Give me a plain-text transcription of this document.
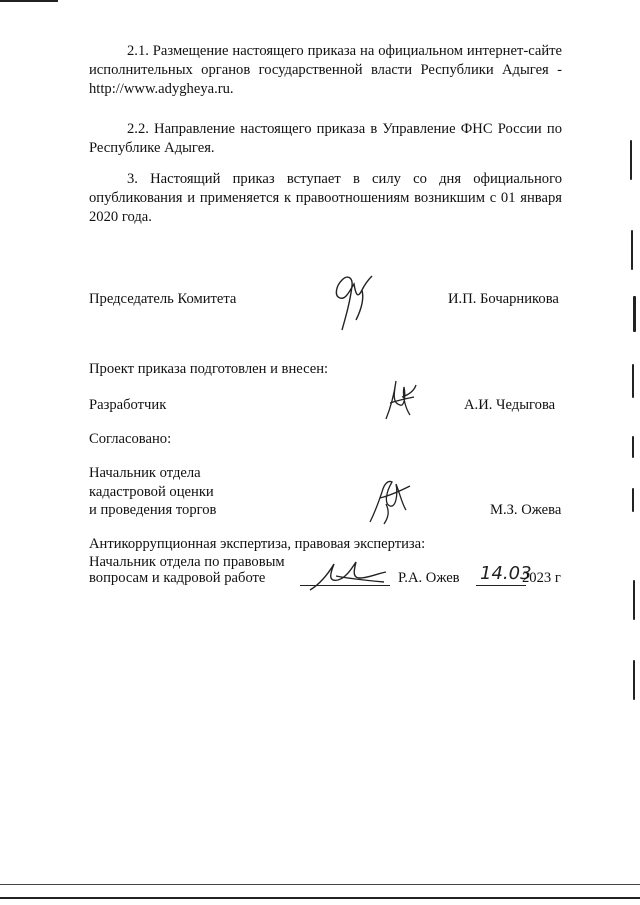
2.1. Размещение настоящего приказа на официальном интернет-сайте исполнительных органов государственной власти Республики Адыгея - http://www.adygheya.ru.
2.2. Направление настоящего приказа в Управление ФНС России по Республике Адыгея.
3. Настоящий приказ вступает в силу со дня официального опубликования и применяется к правоотношениям возникшим с 01 января 2020 года.
Председатель Комитета	И.П. Бочарникова
Проект приказа подготовлен и внесен:
Разработчик	А.И. Чедыгова
Согласовано:
Начальник отдела
кадастровой оценки
и проведения торгов	М.З. Ожева
Антикоррупционная экспертиза, правовая экспертиза:
Начальник отдела по правовым
вопросам и кадровой работе	Р.А. Ожев 14.03
2023 г
